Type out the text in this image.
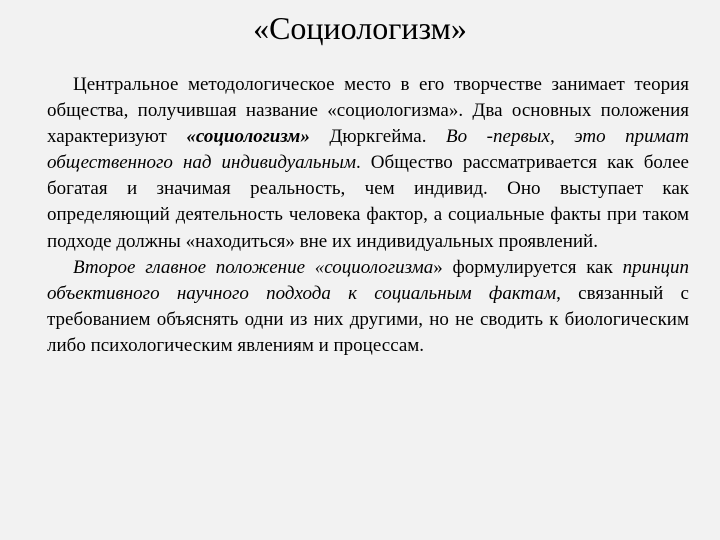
«Социологизм»

Центральное методологическое место в его творчестве занимает теория общества, получившая название «социологизма». Два основных положения характеризуют «социологизм» Дюркгейма. Во -первых, это примат общественного над индивидуальным. Общество рассматривается как более богатая и значимая реальность, чем индивид. Оно выступает как определяющий деятельность человека фактор, а социальные факты при таком подходе должны «находиться» вне их индивидуальных проявлений.

Второе главное положение «социологизма» формулируется как принцип объективного научного подхода к социальным фактам, связанный с требованием объяснять одни из них другими, но не сводить к биологическим либо психологическим явлениям и процессам.
